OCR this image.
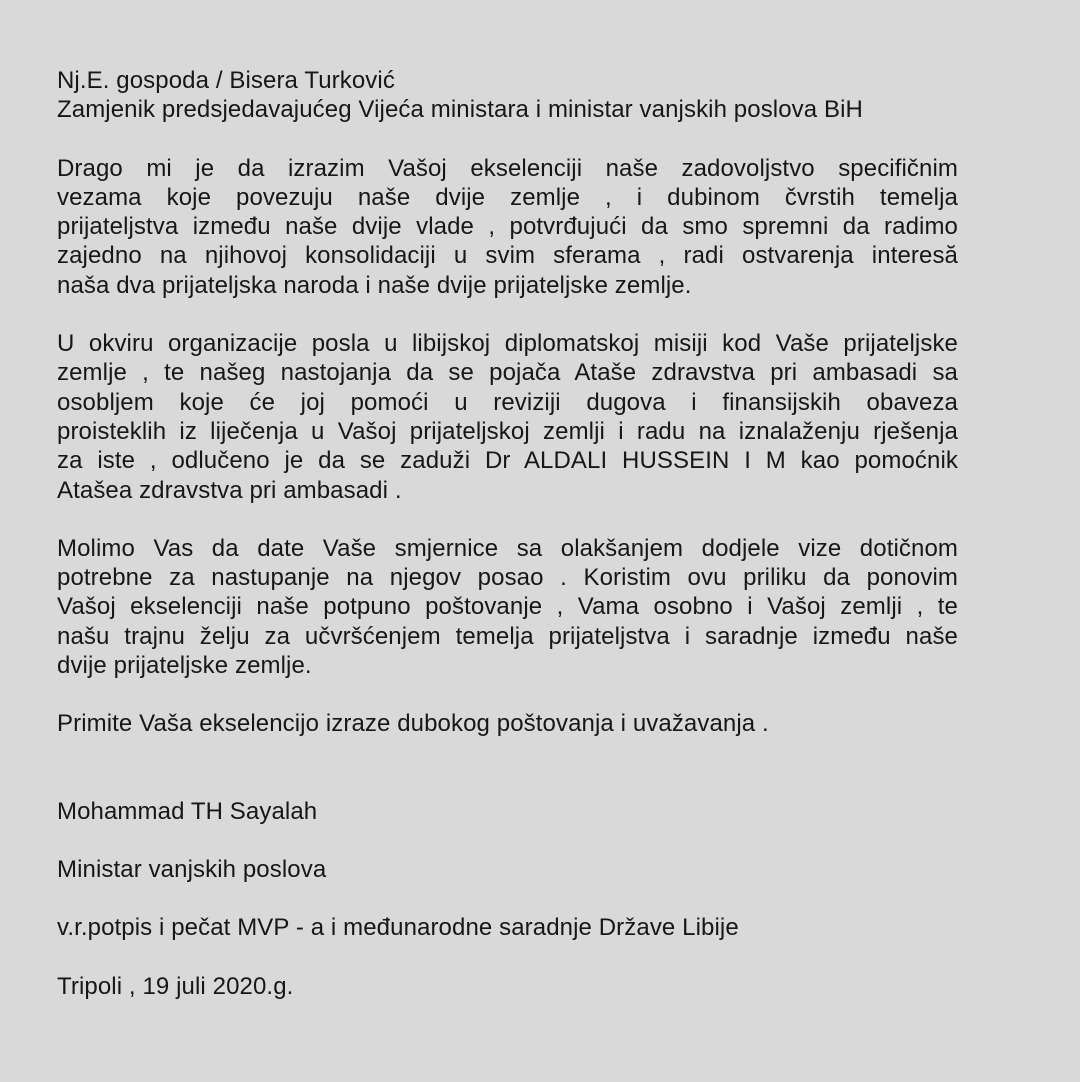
Nj.E. gospoda / Bisera Turković
Zamjenik predsjedavajućeg Vijeća ministara i ministar vanjskih poslova BiH
Drago mi je da izrazim Vašoj ekselenciji naše zadovoljstvo specifičnim
vezama koje povezuju naše dvije zemlje , i dubinom čvrstih temelja
prijateljstva između naše dvije vlade , potvrđujući da smo spremni da radimo
zajedno na njihovoj konsolidaciji u svim sferama , radi ostvarenja interesă
naša dva prijateljska naroda i naše dvije prijateljske zemlje.
U okviru organizacije posla u libijskoj diplomatskoj misiji kod Vaše prijateljske
zemlje , te našeg nastojanja da se pojača Ataše zdravstva pri ambasadi sa
osobljem koje će joj pomoći u reviziji dugova i finansijskih obaveza
proisteklih iz liječenja u Vašoj prijateljskoj zemlji i radu na iznalaženju rješenja
za iste , odlučeno je da se zaduži Dr ALDALI HUSSEIN I M kao pomoćnik
Atašea zdravstva pri ambasadi .
Molimo Vas da date Vaše smjernice sa olakšanjem dodjele vize dotičnom
potrebne za nastupanje na njegov posao . Koristim ovu priliku da ponovim
Vašoj ekselenciji naše potpuno poštovanje , Vama osobno i Vašoj zemlji , te
našu trajnu želju za učvršćenjem temelja prijateljstva i saradnje između naše
dvije prijateljske zemlje.
Primite Vaša ekselencijo izraze dubokog poštovanja i uvažavanja .
Mohammad TH Sayalah
Ministar vanjskih poslova
v.r.potpis i pečat MVP - a i međunarodne saradnje Države Libije
Tripoli , 19 juli 2020.g.
